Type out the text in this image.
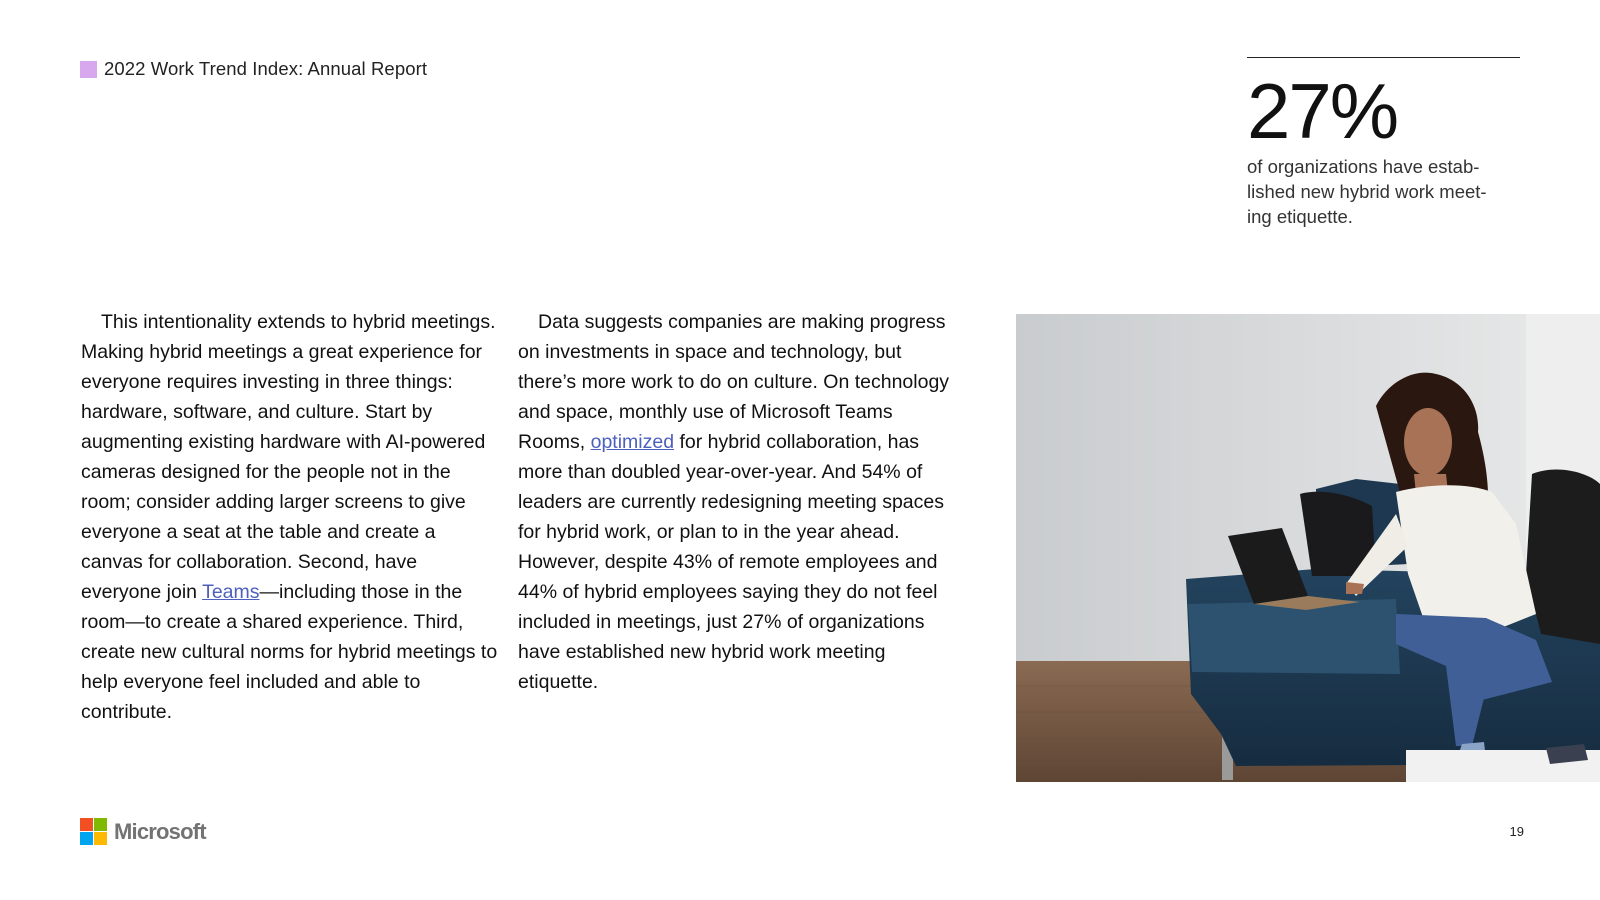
2022 Work Trend Index: Annual Report	27%
of organizations have estab-
lished new hybrid work meet-
ing etiquette.
This intentionality extends to hybrid meetings. Making hybrid meetings a great experience for everyone requires investing in three things: hardware, software, and culture. Start by augmenting existing hardware with AI-powered cameras designed for the people not in the room; consider adding larger screens to give everyone a seat at the table and create a canvas for collaboration. Second, have everyone join Teams—including those in the room—to create a shared experience. Third, create new cultural norms for hybrid meetings to help everyone feel included and able to contribute.
Data suggests companies are making progress on investments in space and technology, but there’s more work to do on culture. On technology and space, monthly use of Microsoft Teams Rooms, optimized for hybrid collaboration, has more than doubled year-over-year. And 54% of leaders are currently redesigning meeting spaces for hybrid work, or plan to in the year ahead. However, despite 43% of remote employees and 44% of hybrid employees saying they do not feel included in meetings, just 27% of organizations have established new hybrid work meeting etiquette.
Microsoft	19
